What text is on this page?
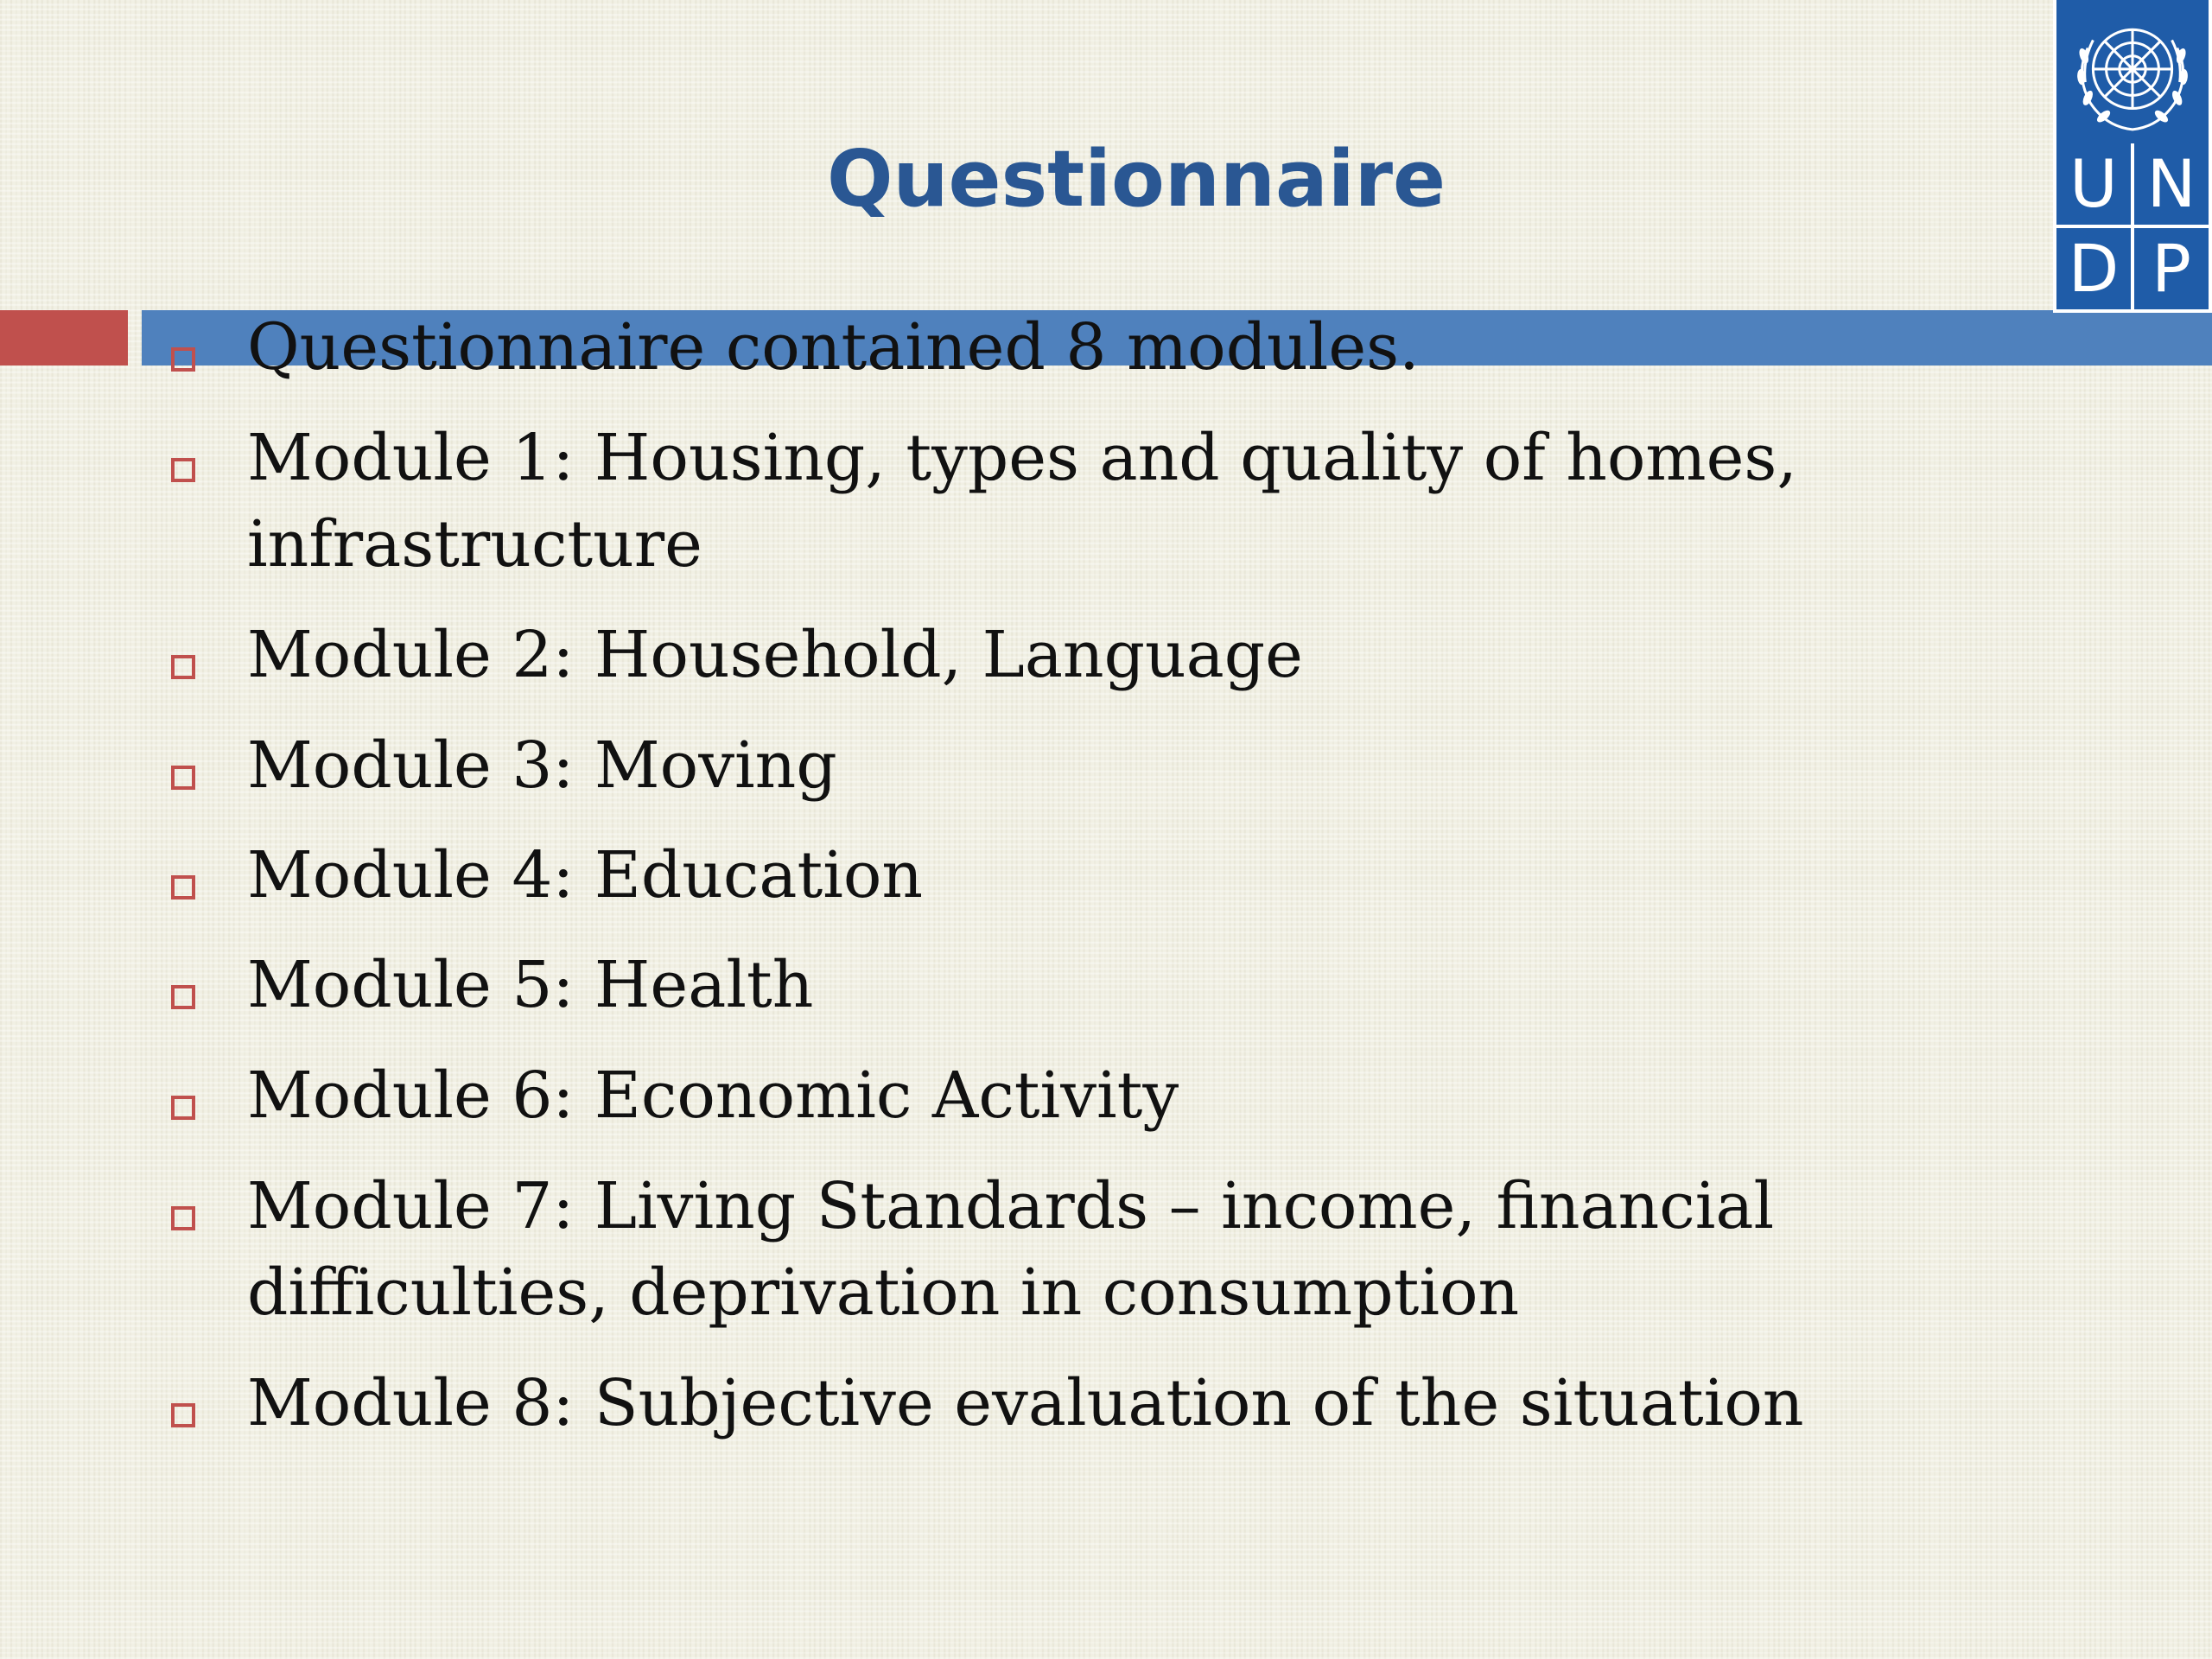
Questionnaire	U N
D P
Questionnaire contained 8 modules.
Module 1: Housing, types and quality of homes, infrastructure
Module 2: Household, Language
Module 3: Moving
Module 4: Education
Module 5: Health
Module 6: Economic Activity
Module 7: Living Standards – income, financial difficulties, deprivation in consumption
Module 8: Subjective evaluation of the situation
